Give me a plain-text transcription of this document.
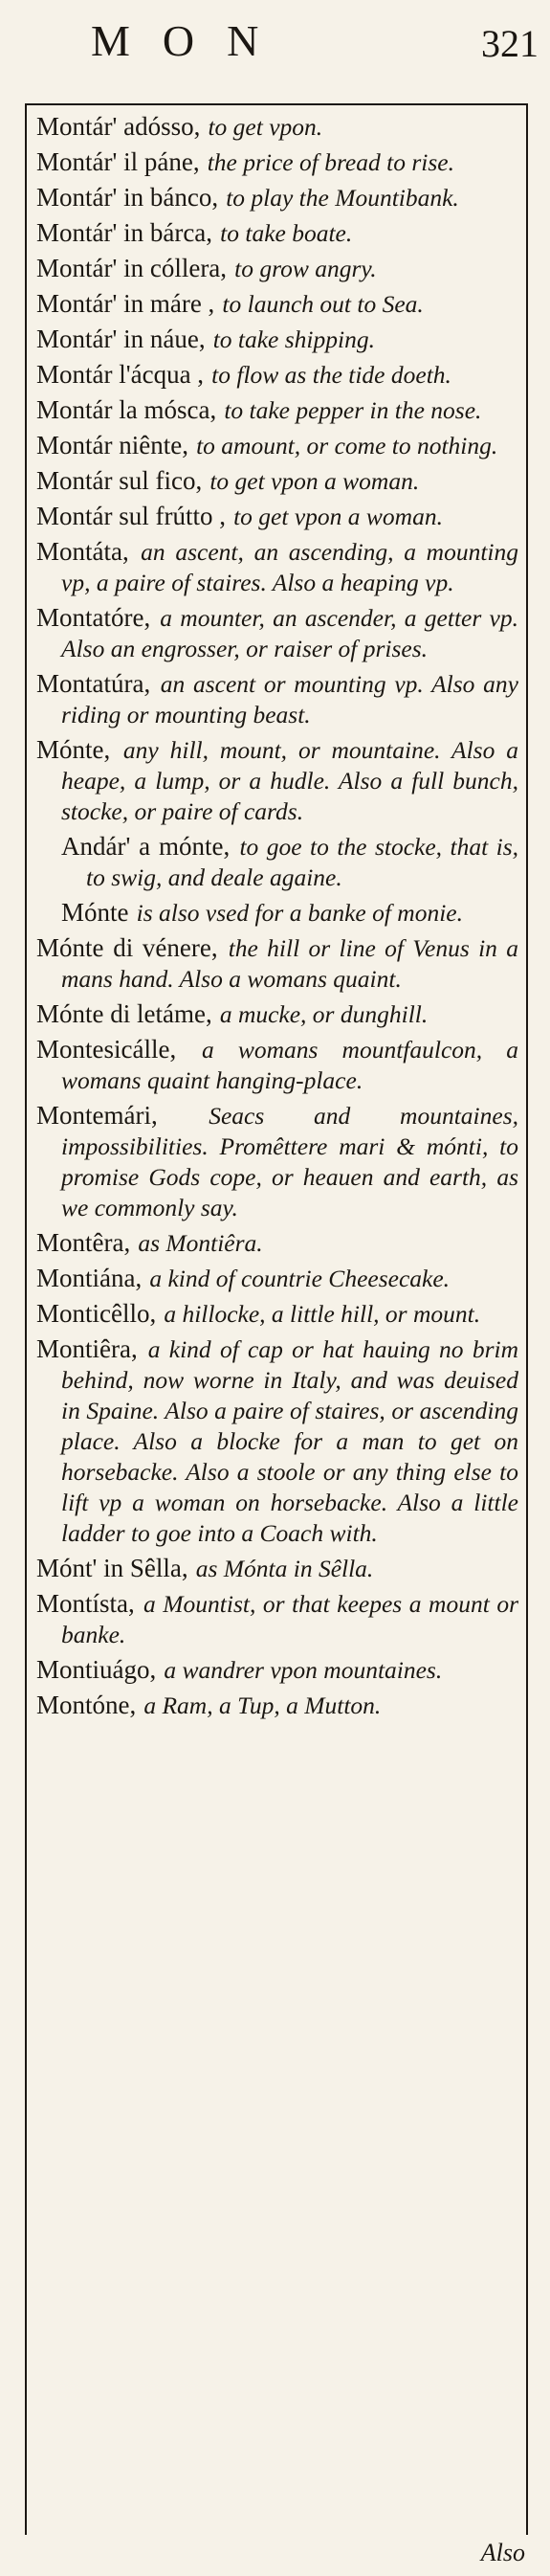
MON	321

Montár' adósso, to get vpon.

Montár' il páne, the price of bread to rise.

Montár' in bánco, to play the Mountibank.

Montár' in bárca, to take boate.

Montár' in cóllera, to grow angry.

Montár' in máre , to launch out to Sea.

Montár' in náue, to take shipping.

Montár l'ácqua , to flow as the tide doeth.

Montár la mósca, to take pepper in the nose.

Montár niênte, to amount, or come to nothing.

Montár sul fico, to get vpon a woman.

Montár sul frútto , to get vpon a woman.

Montáta, an ascent, an ascending, a mounting vp, a paire of staires. Also a heaping vp.

Montatóre, a mounter, an ascender, a getter vp. Also an engrosser, or raiser of prises.

Montatúra, an ascent or mounting vp. Also any riding or mounting beast.

Mónte, any hill, mount, or mountaine. Also a heape, a lump, or a hudle. Also a full bunch, stocke, or paire of cards.

Andár' a mónte, to goe to the stocke, that is, to swig, and deale againe.

Mónte is also vsed for a banke of monie.

Mónte di vénere, the hill or line of Venus in a mans hand. Also a womans quaint.

Mónte di letáme, a mucke, or dunghill.

Montesicálle, a womans mountfaulcon, a womans quaint hanging-place.

Montemári, Seacs and mountaines, impossibilities. Promêttere mari & mónti, to promise Gods cope, or heauen and earth, as we commonly say.

Montêra, as Montiêra.

Montiána, a kind of countrie Cheesecake.

Monticêllo, a hillocke, a little hill, or mount.

Montiêra, a kind of cap or hat hauing no brim behind, now worne in Italy, and was deuised in Spaine. Also a paire of staires, or ascending place. Also a blocke for a man to get on horsebacke. Also a stoole or any thing else to lift vp a woman on horsebacke. Also a little ladder to goe into a Coach with.

Mónt' in Sêlla, as Mónta in Sêlla.

Montísta, a Mountist, or that keepes a mount or banke.

Montiuágo, a wandrer vpon mountaines.

Montóne, a Ram, a Tup, a Mutton.

Also
